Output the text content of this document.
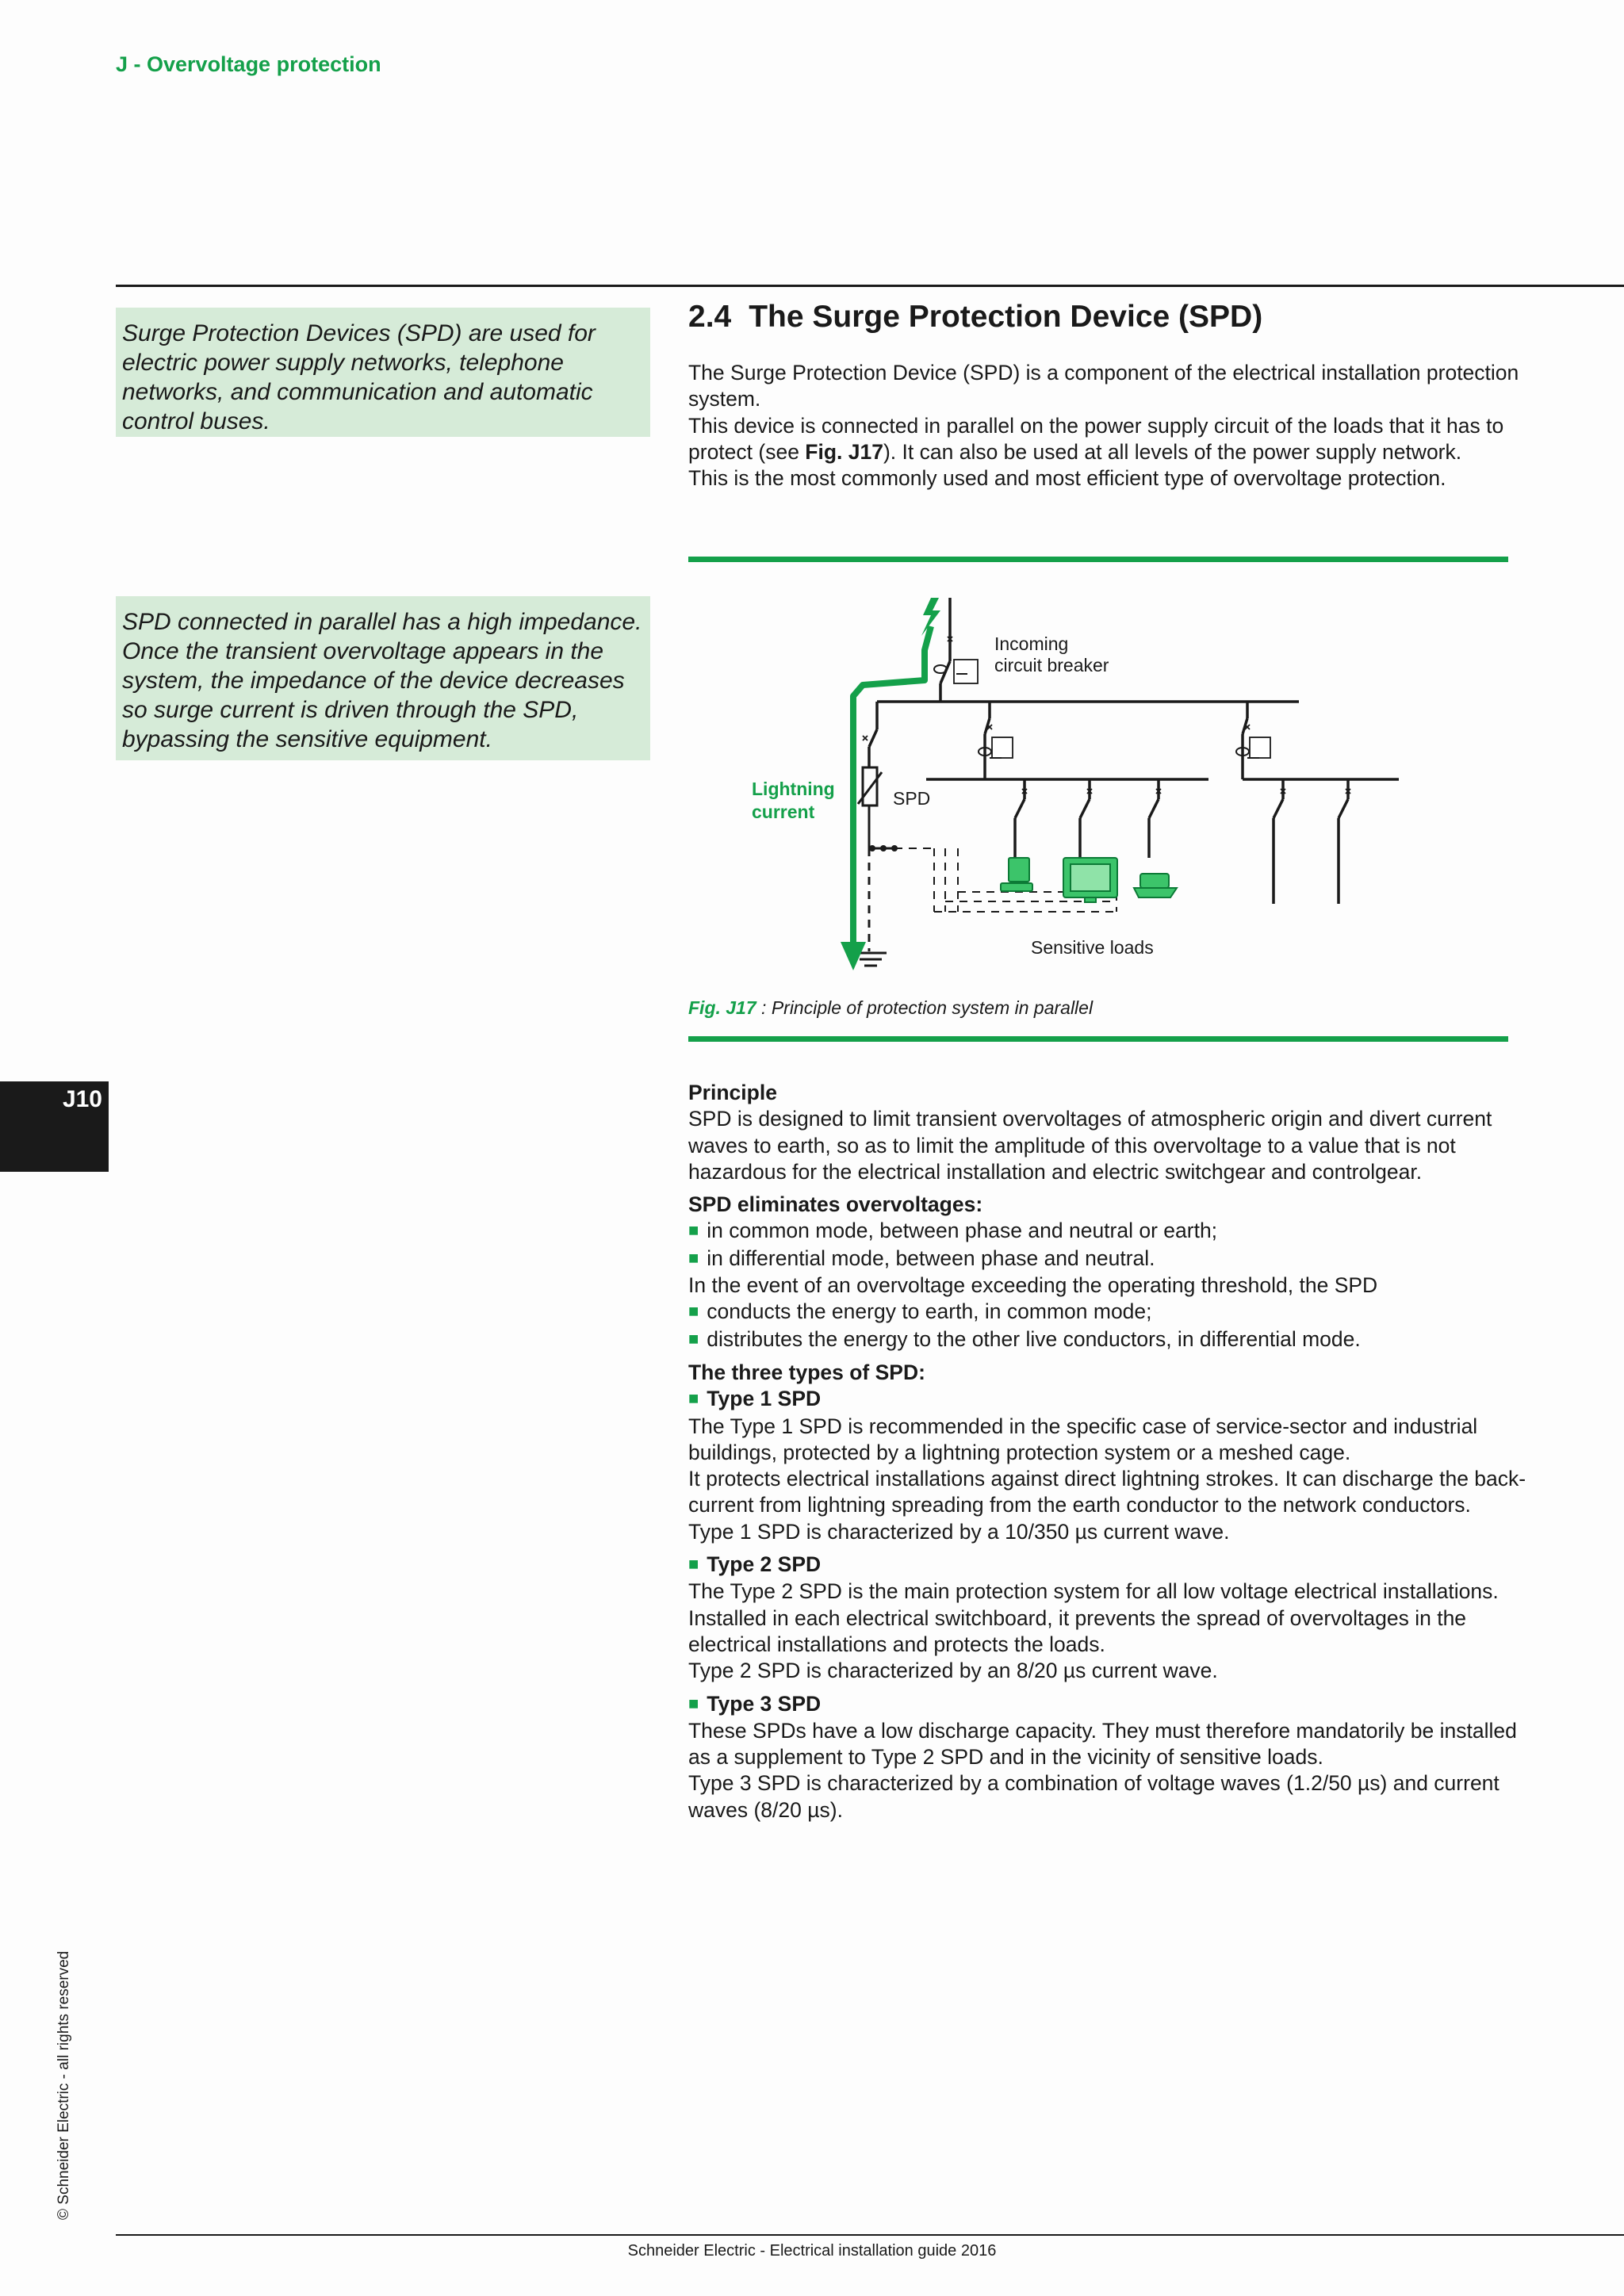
J - Overvoltage protection
Surge Protection Devices (SPD) are used for electric power supply networks, telephone networks, and communication and automatic control buses.
SPD connected in parallel has a high impedance. Once the transient overvoltage appears in the system, the impedance of the device decreases so surge current is driven through the SPD, bypassing the sensitive equipment.
2.4 The Surge Protection Device (SPD)
The Surge Protection Device (SPD) is a component of the electrical installation protection system.
This device is connected in parallel on the power supply circuit of the loads that it has to protect (see Fig. J17). It can also be used at all levels of the power supply network.
This is the most commonly used and most efficient type of overvoltage protection.
Incoming
circuit breaker
Lightning
current
SPD
Sensitive loads
Fig. J17 : Principle of protection system in parallel
Principle
SPD is designed to limit transient overvoltages of atmospheric origin and divert current waves to earth, so as to limit the amplitude of this overvoltage to a value that is not hazardous for the electrical installation and electric switchgear and controlgear.
SPD eliminates overvoltages:
■ in common mode, between phase and neutral or earth;
■ in differential mode, between phase and neutral.
In the event of an overvoltage exceeding the operating threshold, the SPD
■ conducts the energy to earth, in common mode;
■ distributes the energy to the other live conductors, in differential mode.
The three types of SPD:
■ Type 1 SPD
The Type 1 SPD is recommended in the specific case of service-sector and industrial buildings, protected by a lightning protection system or a meshed cage.
It protects electrical installations against direct lightning strokes. It can discharge the back-current from lightning spreading from the earth conductor to the network conductors.
Type 1 SPD is characterized by a 10/350 µs current wave.
■ Type 2 SPD
The Type 2 SPD is the main protection system for all low voltage electrical installations. Installed in each electrical switchboard, it prevents the spread of overvoltages in the electrical installations and protects the loads.
Type 2 SPD is characterized by an 8/20 µs current wave.
■ Type 3 SPD
These SPDs have a low discharge capacity. They must therefore mandatorily be installed as a supplement to Type 2 SPD and in the vicinity of sensitive loads.
Type 3 SPD is characterized by a combination of voltage waves (1.2/50 µs) and current waves (8/20 µs).
J10
© Schneider Electric - all rights reserved
Schneider Electric - Electrical installation guide 2016
